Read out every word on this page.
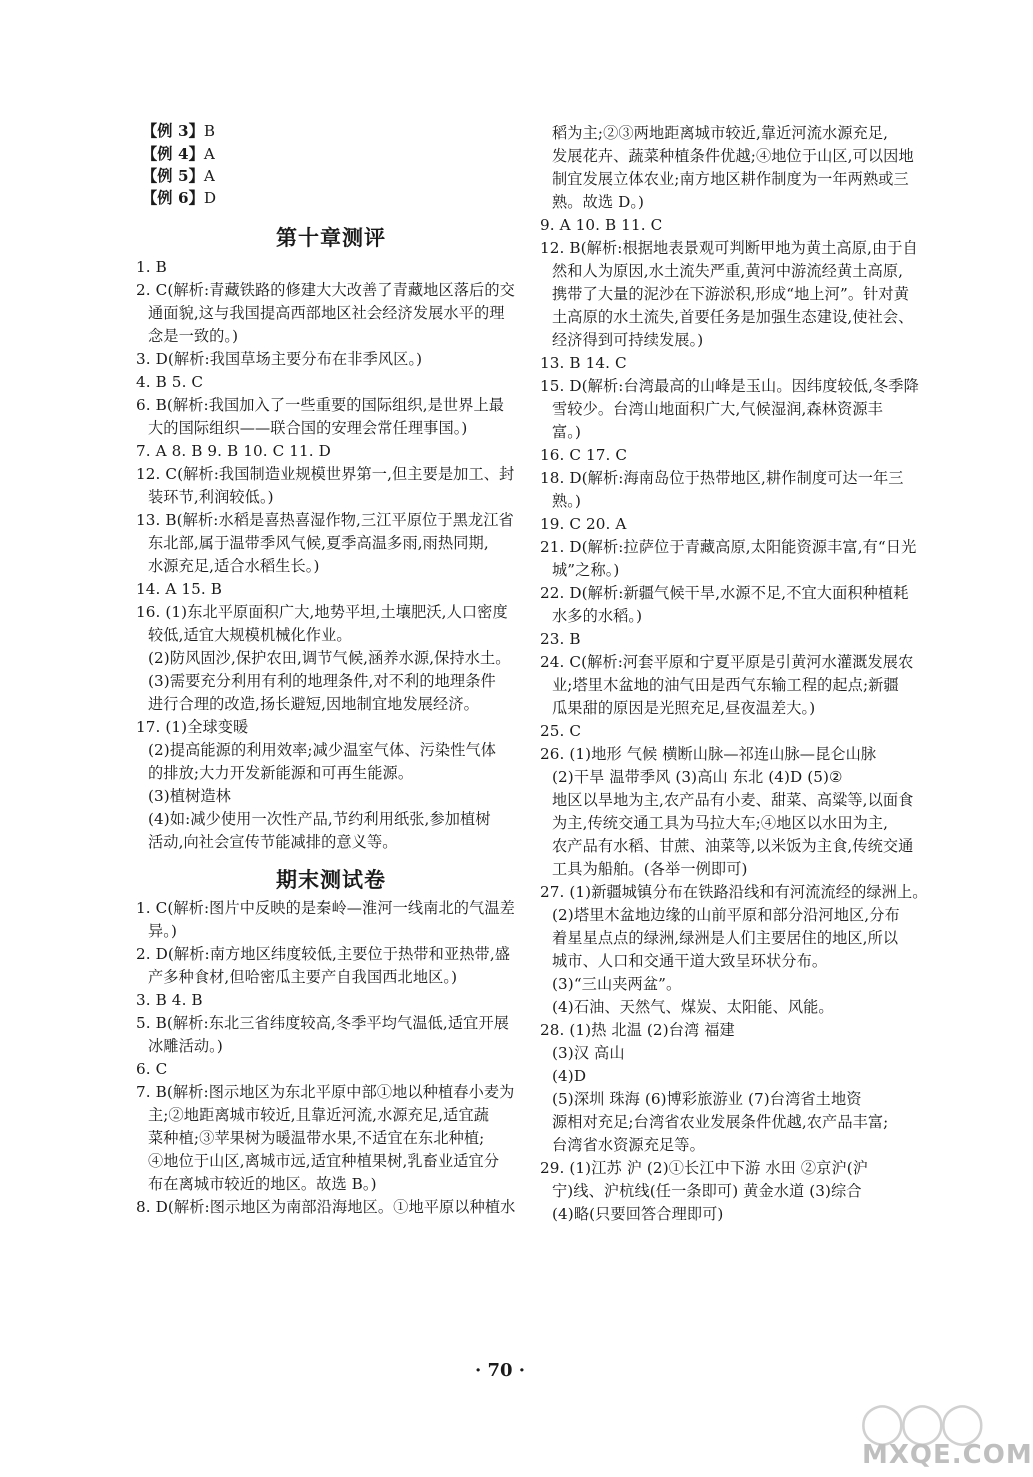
【例 3】B
【例 4】A
【例 5】A
【例 6】D
第十章测评
1. B
2. C(解析:青藏铁路的修建大大改善了青藏地区落后的交
通面貌,这与我国提高西部地区社会经济发展水平的理
念是一致的。)
3. D(解析:我国草场主要分布在非季风区。)
4. B 5. C
6. B(解析:我国加入了一些重要的国际组织,是世界上最
大的国际组织——联合国的安理会常任理事国。)
7. A 8. B 9. B 10. C 11. D
12. C(解析:我国制造业规模世界第一,但主要是加工、封
装环节,利润较低。)
13. B(解析:水稻是喜热喜湿作物,三江平原位于黑龙江省
东北部,属于温带季风气候,夏季高温多雨,雨热同期,
水源充足,适合水稻生长。)
14. A 15. B
16. (1)东北平原面积广大,地势平坦,土壤肥沃,人口密度
较低,适宜大规模机械化作业。
(2)防风固沙,保护农田,调节气候,涵养水源,保持水土。
(3)需要充分利用有利的地理条件,对不利的地理条件
进行合理的改造,扬长避短,因地制宜地发展经济。
17. (1)全球变暖
(2)提高能源的利用效率;减少温室气体、污染性气体
的排放;大力开发新能源和可再生能源。
(3)植树造林
(4)如:减少使用一次性产品,节约利用纸张,参加植树
活动,向社会宣传节能减排的意义等。
期末测试卷
1. C(解析:图片中反映的是秦岭—淮河一线南北的气温差
异。)
2. D(解析:南方地区纬度较低,主要位于热带和亚热带,盛
产多种食材,但哈密瓜主要产自我国西北地区。)
3. B 4. B
5. B(解析:东北三省纬度较高,冬季平均气温低,适宜开展
冰雕活动。)
6. C
7. B(解析:图示地区为东北平原中部①地以种植春小麦为
主;②地距离城市较近,且靠近河流,水源充足,适宜蔬
菜种植;③苹果树为暖温带水果,不适宜在东北种植;
④地位于山区,离城市远,适宜种植果树,乳畜业适宜分
布在离城市较近的地区。故选 B。)
8. D(解析:图示地区为南部沿海地区。①地平原以种植水
稻为主;②③两地距离城市较近,靠近河流水源充足,
发展花卉、蔬菜种植条件优越;④地位于山区,可以因地
制宜发展立体农业;南方地区耕作制度为一年两熟或三
熟。故选 D。)
9. A 10. B 11. C
12. B(解析:根据地表景观可判断甲地为黄土高原,由于自
然和人为原因,水土流失严重,黄河中游流经黄土高原,
携带了大量的泥沙在下游淤积,形成“地上河”。针对黄
土高原的水土流失,首要任务是加强生态建设,使社会、
经济得到可持续发展。)
13. B 14. C
15. D(解析:台湾最高的山峰是玉山。因纬度较低,冬季降
雪较少。台湾山地面积广大,气候湿润,森林资源丰
富。)
16. C 17. C
18. D(解析:海南岛位于热带地区,耕作制度可达一年三
熟。)
19. C 20. A
21. D(解析:拉萨位于青藏高原,太阳能资源丰富,有“日光
城”之称。)
22. D(解析:新疆气候干旱,水源不足,不宜大面积种植耗
水多的水稻。)
23. B
24. C(解析:河套平原和宁夏平原是引黄河水灌溉发展农
业;塔里木盆地的油气田是西气东输工程的起点;新疆
瓜果甜的原因是光照充足,昼夜温差大。)
25. C
26. (1)地形 气候 横断山脉—祁连山脉—昆仑山脉
(2)干旱 温带季风 (3)高山 东北 (4)D (5)②
地区以旱地为主,农产品有小麦、甜菜、高粱等,以面食
为主,传统交通工具为马拉大车;④地区以水田为主,
农产品有水稻、甘蔗、油菜等,以米饭为主食,传统交通
工具为船舶。(各举一例即可)
27. (1)新疆城镇分布在铁路沿线和有河流流经的绿洲上。
(2)塔里木盆地边缘的山前平原和部分沿河地区,分布
着星星点点的绿洲,绿洲是人们主要居住的地区,所以
城市、人口和交通干道大致呈环状分布。
(3)“三山夹两盆”。
(4)石油、天然气、煤炭、太阳能、风能。
28. (1)热 北温 (2)台湾 福建
(3)汉 高山
(4)D
(5)深圳 珠海 (6)博彩旅游业 (7)台湾省土地资
源相对充足;台湾省农业发展条件优越,农产品丰富;
台湾省水资源充足等。
29. (1)江苏 沪 (2)①长江中下游 水田 ②京沪(沪
宁)线、沪杭线(任一条即可) 黄金水道 (3)综合
(4)略(只要回答合理即可)
· 70 ·
◯
◯
◯
MXQE.COM
